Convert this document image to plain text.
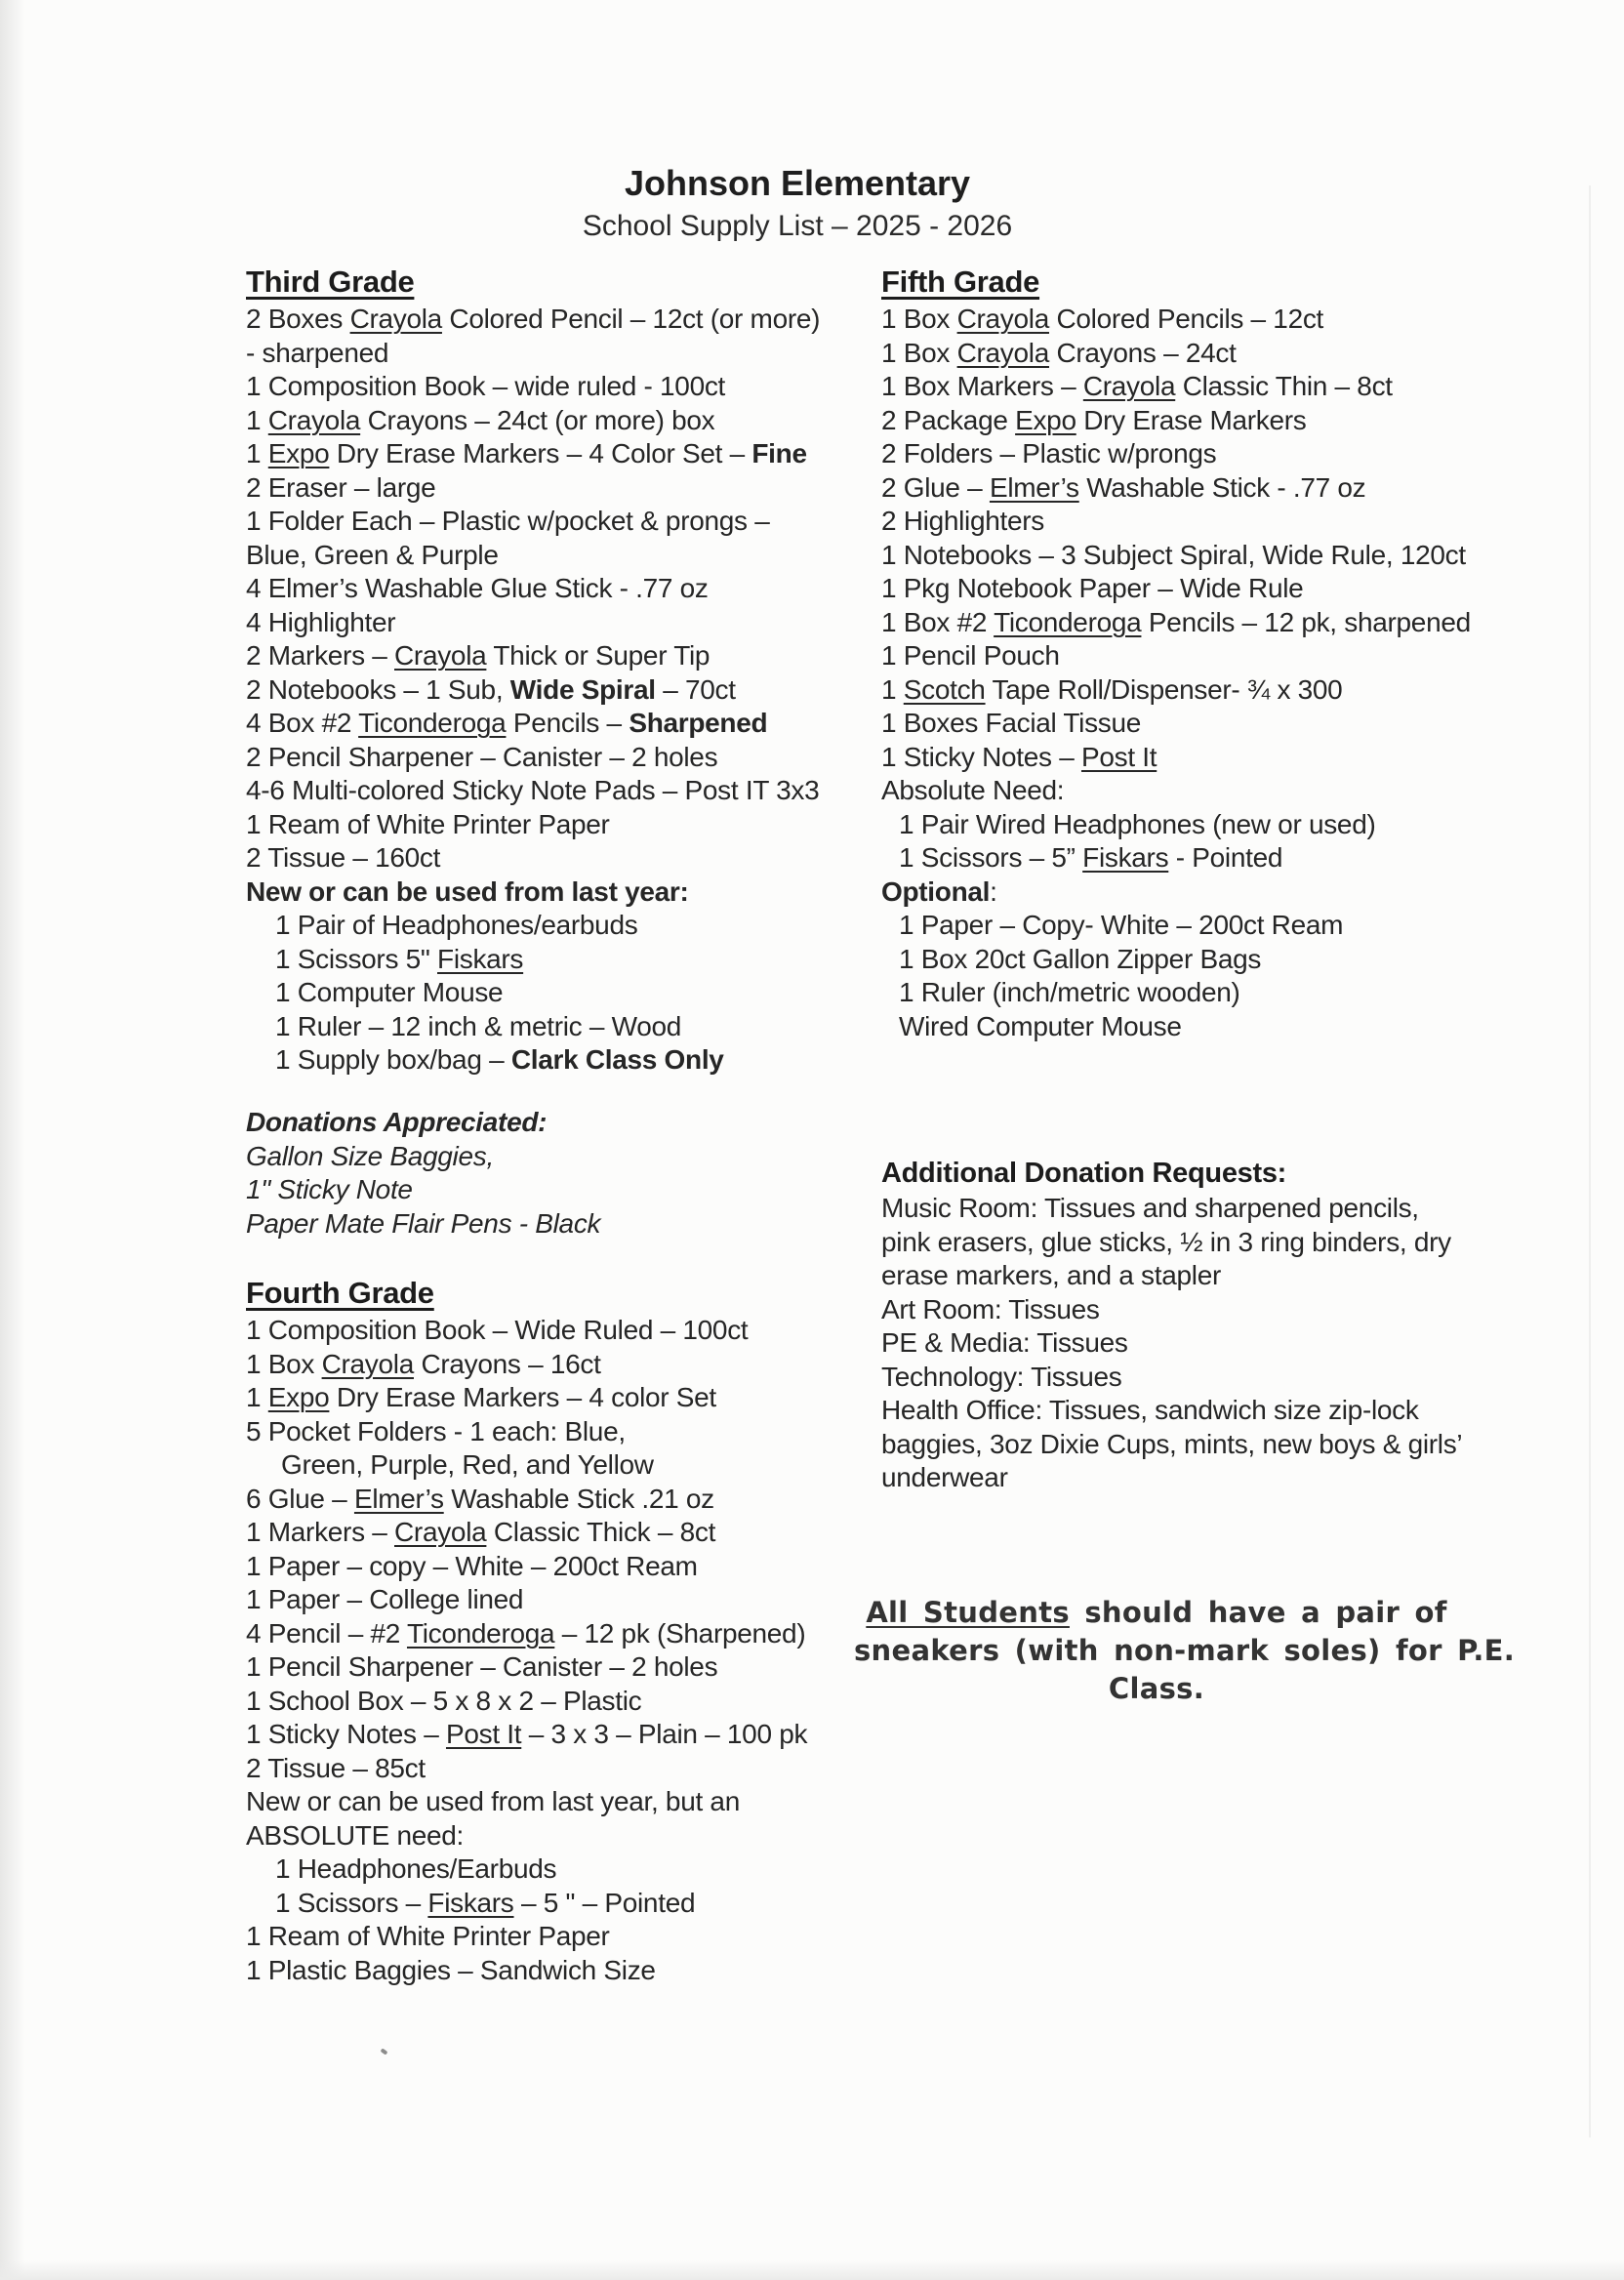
Johnson Elementary
School Supply List – 2025 - 2026
Third Grade
2 Boxes Crayola Colored Pencil – 12ct (or more)
- sharpened
1 Composition Book – wide ruled - 100ct
1 Crayola Crayons – 24ct (or more) box
1 Expo Dry Erase Markers – 4 Color Set – Fine
2 Eraser – large
1 Folder Each – Plastic w/pocket & prongs –
Blue, Green & Purple
4 Elmer’s Washable Glue Stick - .77 oz
4 Highlighter
2 Markers – Crayola Thick or Super Tip
2 Notebooks – 1 Sub, Wide Spiral – 70ct
4 Box #2 Ticonderoga Pencils – Sharpened
2 Pencil Sharpener – Canister – 2 holes
4-6 Multi-colored Sticky Note Pads – Post IT 3x3
1 Ream of White Printer Paper
2 Tissue – 160ct
New or can be used from last year:
1 Pair of Headphones/earbuds
1 Scissors 5" Fiskars
1 Computer Mouse
1 Ruler – 12 inch & metric – Wood
1 Supply box/bag – Clark Class Only
Donations Appreciated:
Gallon Size Baggies,
1" Sticky Note
Paper Mate Flair Pens - Black
Fourth Grade
1 Composition Book – Wide Ruled – 100ct
1 Box Crayola Crayons – 16ct
1 Expo Dry Erase Markers – 4 color Set
5 Pocket Folders - 1 each: Blue,
Green, Purple, Red, and Yellow
6 Glue – Elmer’s Washable Stick .21 oz
1 Markers – Crayola Classic Thick – 8ct
1 Paper – copy – White – 200ct Ream
1 Paper – College lined
4 Pencil – #2 Ticonderoga – 12 pk (Sharpened)
1 Pencil Sharpener – Canister – 2 holes
1 School Box – 5 x 8 x 2 – Plastic
1 Sticky Notes – Post It – 3 x 3 – Plain – 100 pk
2 Tissue – 85ct
New or can be used from last year, but an
ABSOLUTE need:
1 Headphones/Earbuds
1 Scissors – Fiskars – 5 " – Pointed
1 Ream of White Printer Paper
1 Plastic Baggies – Sandwich Size
Fifth Grade
1 Box Crayola Colored Pencils – 12ct
1 Box Crayola Crayons – 24ct
1 Box Markers – Crayola Classic Thin – 8ct
2 Package Expo Dry Erase Markers
2 Folders – Plastic w/prongs
2 Glue – Elmer’s Washable Stick - .77 oz
2 Highlighters
1 Notebooks – 3 Subject Spiral, Wide Rule, 120ct
1 Pkg Notebook Paper – Wide Rule
1 Box #2 Ticonderoga Pencils – 12 pk, sharpened
1 Pencil Pouch
1 Scotch Tape Roll/Dispenser- ¾ x 300
1 Boxes Facial Tissue
1 Sticky Notes – Post It
Absolute Need:
1 Pair Wired Headphones (new or used)
1 Scissors – 5” Fiskars - Pointed
Optional:
1 Paper – Copy- White – 200ct Ream
1 Box 20ct Gallon Zipper Bags
1 Ruler (inch/metric wooden)
Wired Computer Mouse
Additional Donation Requests:
Music Room: Tissues and sharpened pencils,
pink erasers, glue sticks, ½ in 3 ring binders, dry
erase markers, and a stapler
Art Room: Tissues
PE & Media: Tissues
Technology: Tissues
Health Office: Tissues, sandwich size zip-lock
baggies, 3oz Dixie Cups, mints, new boys & girls’
underwear
All Students should have a pair of
sneakers (with non-mark soles) for P.E.
Class.
